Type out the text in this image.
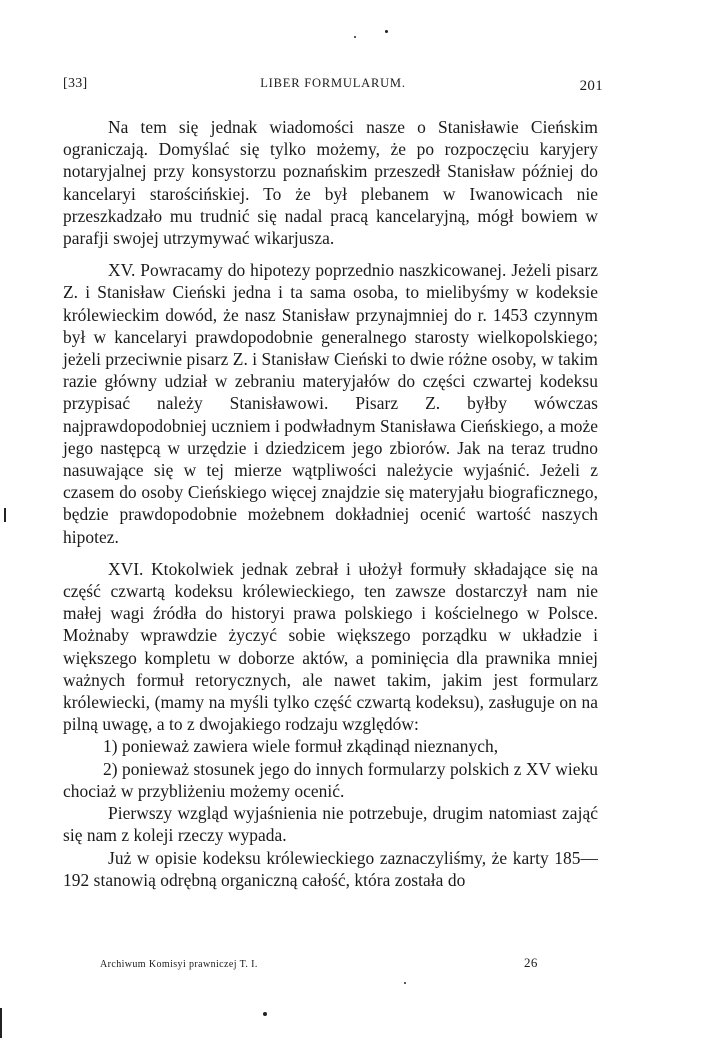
[33]	LIBER FORMULARUM.	201

Na tem się jednak wiadomości nasze o Stanisławie Cieńskim ograniczają. Domyślać się tylko możemy, że po rozpoczęciu karyjery notaryjalnej przy konsystorzu poznańskim przeszedł Stanisław później do kancelaryi starościńskiej. To że był plebanem w Iwanowicach nie przeszkadzało mu trudnić się nadal pracą kancelaryjną, mógł bowiem w parafji swojej utrzymywać wikarjusza.

XV. Powracamy do hipotezy poprzednio naszkicowanej. Jeżeli pisarz Z. i Stanisław Cieński jedna i ta sama osoba, to mielibyśmy w kodeksie królewieckim dowód, że nasz Stanisław przynajmniej do r. 1453 czynnym był w kancelaryi prawdopodobnie generalnego starosty wielkopolskiego; jeżeli przeciwnie pisarz Z. i Stanisław Cieński to dwie różne osoby, w takim razie główny udział w zebraniu materyjałów do części czwartej kodeksu przypisać należy Stanisławowi. Pisarz Z. byłby wówczas najprawdopodobniej uczniem i podwładnym Stanisława Cieńskiego, a może jego następcą w urzędzie i dziedzicem jego zbiorów. Jak na teraz trudno nasuwające się w tej mierze wątpliwości należycie wyjaśnić. Jeżeli z czasem do osoby Cieńskiego więcej znajdzie się materyjału biograficznego, będzie prawdopodobnie możebnem dokładniej ocenić wartość naszych hipotez.

XVI. Ktokolwiek jednak zebrał i ułożył formuły składające się na część czwartą kodeksu królewieckiego, ten zawsze dostarczył nam nie małej wagi źródła do historyi prawa polskiego i kościelnego w Polsce. Możnaby wprawdzie życzyć sobie większego porządku w układzie i większego kompletu w doborze aktów, a pominięcia dla prawnika mniej ważnych formuł retorycznych, ale nawet takim, jakim jest formularz królewiecki, (mamy na myśli tylko część czwartą kodeksu), zasługuje on na pilną uwagę, a to z dwojakiego rodzaju względów:

1) ponieważ zawiera wiele formuł zkądinąd nieznanych,

2) ponieważ stosunek jego do innych formularzy polskich z XV wieku chociaż w przybliżeniu możemy ocenić.

Pierwszy wzgląd wyjaśnienia nie potrzebuje, drugim natomiast zająć się nam z koleji rzeczy wypada.

Już w opisie kodeksu królewieckiego zaznaczyliśmy, że karty 185—192 stanowią odrębną organiczną całość, która została do

Archiwum Komisyi prawniczej T. I.	26
